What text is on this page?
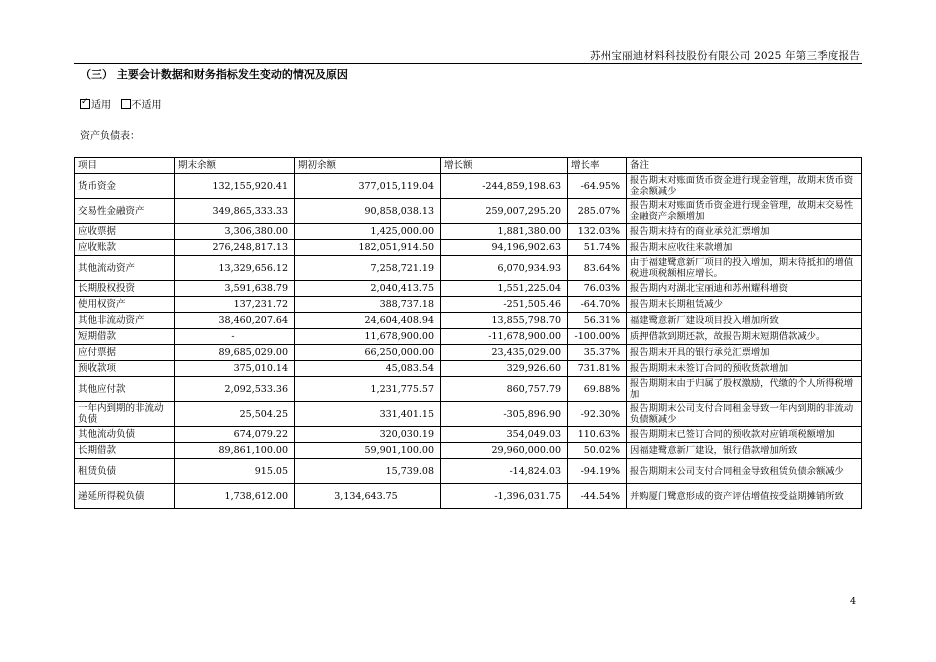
苏州宝丽迪材料科技股份有限公司 2025 年第三季度报告
（三） 主要会计数据和财务指标发生变动的情况及原因
✓适用 不适用
资产负债表：
项目	期末余额	期初余额	增长额	增长率	备注
货币资金	132,155,920.41	377,015,119.04	-244,859,198.63	-64.95%	报告期末对账面货币资金进行现金管理，故期末货币资金余额减少
交易性金融资产	349,865,333.33	90,858,038.13	259,007,295.20	285.07%	报告期末对账面货币资金进行现金管理，故期末交易性金融资产余额增加
应收票据	3,306,380.00	1,425,000.00	1,881,380.00	132.03%	报告期末持有的商业承兑汇票增加
应收账款	276,248,817.13	182,051,914.50	94,196,902.63	51.74%	报告期末应收往来款增加
其他流动资产	13,329,656.12	7,258,721.19	6,070,934.93	83.64%	由于福建鹭意新厂项目的投入增加，期末待抵扣的增值税进项税额相应增长。
长期股权投资	3,591,638.79	2,040,413.75	1,551,225.04	76.03%	报告期内对湖北宝丽迪和苏州耀科增资
使用权资产	137,231.72	388,737.18	-251,505.46	-64.70%	报告期末长期租赁减少
其他非流动资产	38,460,207.64	24,604,408.94	13,855,798.70	56.31%	福建鹭意新厂建设项目投入增加所致
短期借款	-	11,678,900.00	-11,678,900.00	-100.00%	质押借款到期还款，故报告期末短期借款减少。
应付票据	89,685,029.00	66,250,000.00	23,435,029.00	35.37%	报告期末开具的银行承兑汇票增加
预收款项	375,010.14	45,083.54	329,926.60	731.81%	报告期期末未签订合同的预收货款增加
其他应付款	2,092,533.36	1,231,775.57	860,757.79	69.88%	报告期期末由于归属了股权激励，代缴的个人所得税增加
一年内到期的非流动负债	25,504.25	331,401.15	-305,896.90	-92.30%	报告期期末公司支付合同租金导致一年内到期的非流动负债额减少
其他流动负债	674,079.22	320,030.19	354,049.03	110.63%	报告期期末已签订合同的预收款对应销项税额增加
长期借款	89,861,100.00	59,901,100.00	29,960,000.00	50.02%	因福建鹭意新厂建设，银行借款增加所致
租赁负债	915.05	15,739.08	-14,824.03	-94.19%	报告期期末公司支付合同租金导致租赁负债余额减少
递延所得税负债	1,738,612.00	3,134,643.75	-1,396,031.75	-44.54%	并购厦门鹭意形成的资产评估增值按受益期摊销所致
4
